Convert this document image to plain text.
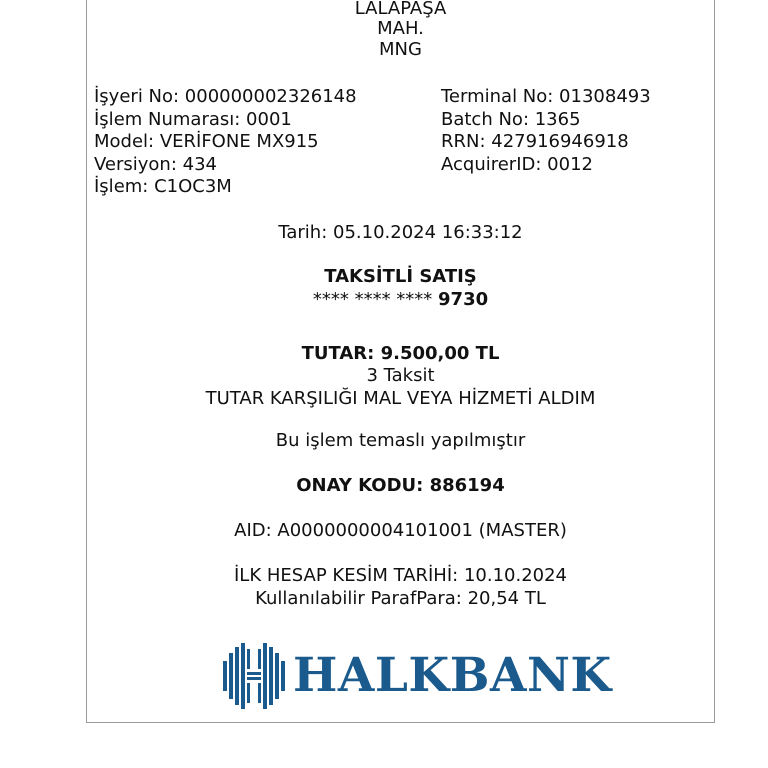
LALAPAŞA
MAH.
MNG
İşyeri No: 000000002326148
İşlem Numarası: 0001
Model: VERİFONE MX915
Versiyon: 434
İşlem: C1OC3M
Terminal No: 01308493
Batch No: 1365
RRN: 427916946918
AcquirerID: 0012
Tarih: 05.10.2024 16:33:12
TAKSİTLİ SATIŞ
**** **** **** 9730
TUTAR: 9.500,00 TL
3 Taksit
TUTAR KARŞILIĞI MAL VEYA HİZMETİ ALDIM
Bu işlem temaslı yapılmıştır
ONAY KODU: 886194
AID: A0000000004101001 (MASTER)
İLK HESAP KESİM TARİHİ: 10.10.2024
Kullanılabilir ParafPara: 20,54 TL
HALKBANK
